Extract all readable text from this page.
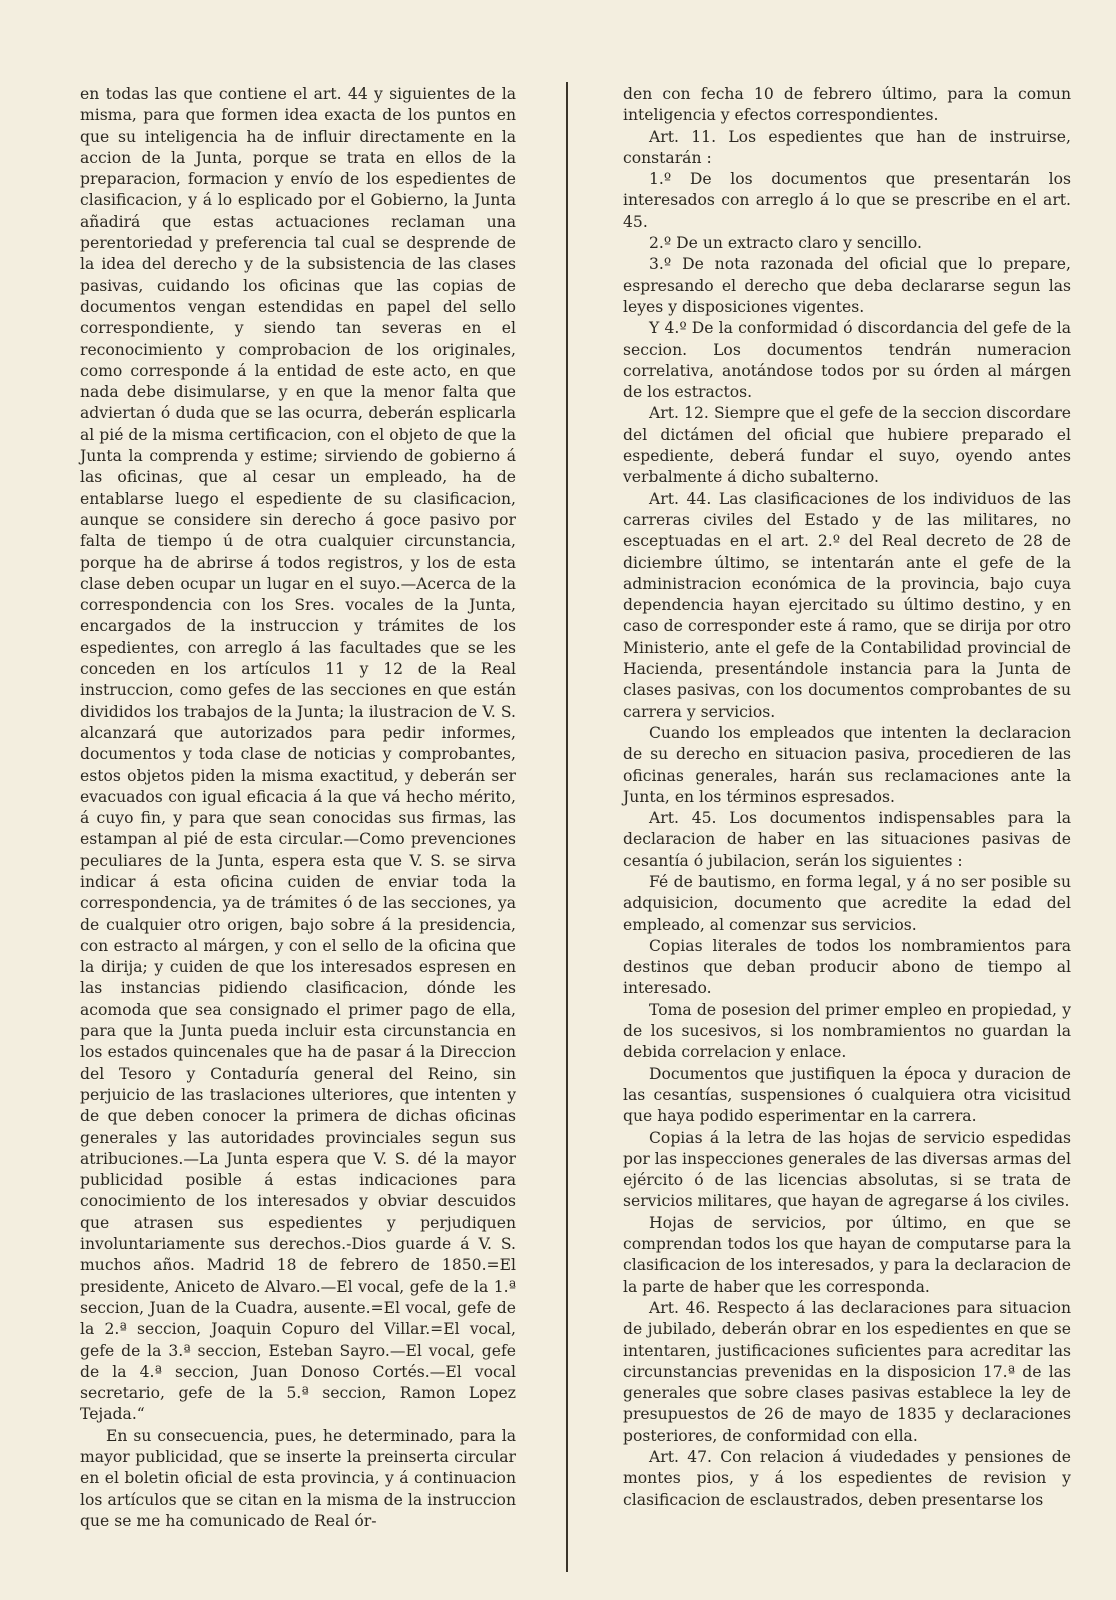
en todas las que contiene el art. 44 y siguientes de la misma, para que formen idea exacta de los puntos en que su inteligencia ha de influir directamente en la accion de la Junta, porque se trata en ellos de la preparacion, formacion y envío de los espedientes de clasificacion, y á lo esplicado por el Gobierno, la Junta añadirá que estas actuaciones reclaman una perentoriedad y preferencia tal cual se desprende de la idea del derecho y de la subsistencia de las clases pasivas, cuidando los oficinas que las copias de documentos vengan estendidas en papel del sello correspondiente, y siendo tan severas en el reconocimiento y comprobacion de los originales, como corresponde á la entidad de este acto, en que nada debe disimularse, y en que la menor falta que adviertan ó duda que se las ocurra, deberán esplicarla al pié de la misma certificacion, con el objeto de que la Junta la comprenda y estime; sirviendo de gobierno á las oficinas, que al cesar un empleado, ha de entablarse luego el espediente de su clasificacion, aunque se considere sin derecho á goce pasivo por falta de tiempo ú de otra cualquier circunstancia, porque ha de abrirse á todos registros, y los de esta clase deben ocupar un lugar en el suyo.—Acerca de la correspondencia con los Sres. vocales de la Junta, encargados de la instruccion y trámites de los espedientes, con arreglo á las facultades que se les conceden en los artículos 11 y 12 de la Real instruccion, como gefes de las secciones en que están divididos los trabajos de la Junta; la ilustracion de V. S. alcanzará que autorizados para pedir informes, documentos y toda clase de noticias y comprobantes, estos objetos piden la misma exactitud, y deberán ser evacuados con igual eficacia á la que vá hecho mérito, á cuyo fin, y para que sean conocidas sus firmas, las estampan al pié de esta circular.—Como prevenciones peculiares de la Junta, espera esta que V. S. se sirva indicar á esta oficina cuiden de enviar toda la correspondencia, ya de trámites ó de las secciones, ya de cualquier otro origen, bajo sobre á la presidencia, con estracto al márgen, y con el sello de la oficina que la dirija; y cuiden de que los interesados espresen en las instancias pidiendo clasificacion, dónde les acomoda que sea consignado el primer pago de ella, para que la Junta pueda incluir esta circunstancia en los estados quincenales que ha de pasar á la Direccion del Tesoro y Contaduría general del Reino, sin perjuicio de las traslaciones ulteriores, que intenten y de que deben conocer la primera de dichas oficinas generales y las autoridades provinciales segun sus atribuciones.—La Junta espera que V. S. dé la mayor publicidad posible á estas indicaciones para conocimiento de los interesados y obviar descuidos que atrasen sus espedientes y perjudiquen involuntariamente sus derechos.-Dios guarde á V. S. muchos años. Madrid 18 de febrero de 1850.=El presidente, Aniceto de Alvaro.—El vocal, gefe de la 1.ª seccion, Juan de la Cuadra, ausente.=El vocal, gefe de la 2.ª seccion, Joaquin Copuro del Villar.=El vocal, gefe de la 3.ª seccion, Esteban Sayro.—El vocal, gefe de la 4.ª seccion, Juan Donoso Cortés.—El vocal secretario, gefe de la 5.ª seccion, Ramon Lopez Tejada.“

En su consecuencia, pues, he determinado, para la mayor publicidad, que se inserte la preinserta circular en el boletin oficial de esta provincia, y á continuacion los artículos que se citan en la misma de la instruccion que se me ha comunicado de Real ór-

den con fecha 10 de febrero último, para la comun inteligencia y efectos correspondientes.

Art. 11. Los espedientes que han de instruirse, constarán :

1.º De los documentos que presentarán los interesados con arreglo á lo que se prescribe en el art. 45.

2.º De un extracto claro y sencillo.

3.º De nota razonada del oficial que lo prepare, espresando el derecho que deba declararse segun las leyes y disposiciones vigentes.

Y 4.º De la conformidad ó discordancia del gefe de la seccion. Los documentos tendrán numeracion correlativa, anotándose todos por su órden al márgen de los estractos.

Art. 12. Siempre que el gefe de la seccion discordare del dictámen del oficial que hubiere preparado el espediente, deberá fundar el suyo, oyendo antes verbalmente á dicho subalterno.

Art. 44. Las clasificaciones de los individuos de las carreras civiles del Estado y de las militares, no esceptuadas en el art. 2.º del Real decreto de 28 de diciembre último, se intentarán ante el gefe de la administracion económica de la provincia, bajo cuya dependencia hayan ejercitado su último destino, y en caso de corresponder este á ramo, que se dirija por otro Ministerio, ante el gefe de la Contabilidad provincial de Hacienda, presentándole instancia para la Junta de clases pasivas, con los documentos comprobantes de su carrera y servicios.

Cuando los empleados que intenten la declaracion de su derecho en situacion pasiva, procedieren de las oficinas generales, harán sus reclamaciones ante la Junta, en los términos espresados.

Art. 45. Los documentos indispensables para la declaracion de haber en las situaciones pasivas de cesantía ó jubilacion, serán los siguientes :

Fé de bautismo, en forma legal, y á no ser posible su adquisicion, documento que acredite la edad del empleado, al comenzar sus servicios.

Copias literales de todos los nombramientos para destinos que deban producir abono de tiempo al interesado.

Toma de posesion del primer empleo en propiedad, y de los sucesivos, si los nombramientos no guardan la debida correlacion y enlace.

Documentos que justifiquen la época y duracion de las cesantías, suspensiones ó cualquiera otra vicisitud que haya podido esperimentar en la carrera.

Copias á la letra de las hojas de servicio espedidas por las inspecciones generales de las diversas armas del ejército ó de las licencias absolutas, si se trata de servicios militares, que hayan de agregarse á los civiles.

Hojas de servicios, por último, en que se comprendan todos los que hayan de computarse para la clasificacion de los interesados, y para la declaracion de la parte de haber que les corresponda.

Art. 46. Respecto á las declaraciones para situacion de jubilado, deberán obrar en los espedientes en que se intentaren, justificaciones suficientes para acreditar las circunstancias prevenidas en la disposicion 17.ª de las generales que sobre clases pasivas establece la ley de presupuestos de 26 de mayo de 1835 y declaraciones posteriores, de conformidad con ella.

Art. 47. Con relacion á viudedades y pensiones de montes pios, y á los espedientes de revision y clasificacion de esclaustrados, deben presentarse los
